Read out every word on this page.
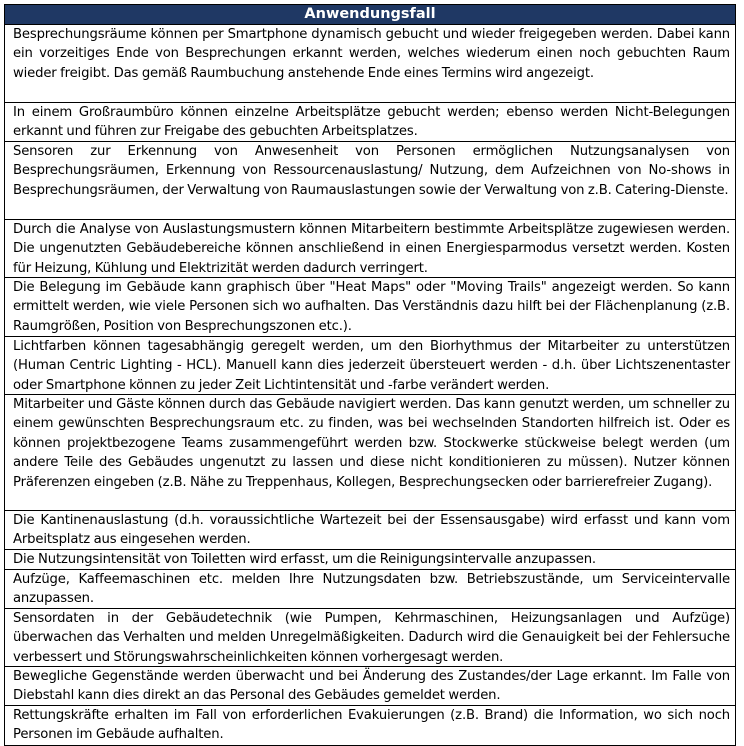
Anwendungsfall
Besprechungsräume können per Smartphone dynamisch gebucht und wieder freigegeben werden. Dabei kann ein vorzeitiges Ende von Besprechungen erkannt werden, welches wiederum einen noch gebuchten Raum wieder freigibt. Das gemäß Raumbuchung anstehende Ende eines Termins wird angezeigt.
In einem Großraumbüro können einzelne Arbeitsplätze gebucht werden; ebenso werden Nicht-Belegungen erkannt und führen zur Freigabe des gebuchten Arbeitsplatzes.
Sensoren zur Erkennung von Anwesenheit von Personen ermöglichen Nutzungsanalysen von Besprechungsräumen, Erkennung von Ressourcenauslastung/ Nutzung, dem Aufzeichnen von No-shows in Besprechungsräumen, der Verwaltung von Raumauslastungen sowie der Verwaltung von z.B. Catering-Dienste.
Durch die Analyse von Auslastungsmustern können Mitarbeitern bestimmte Arbeitsplätze zugewiesen werden. Die ungenutzten Gebäudebereiche können anschließend in einen Energiesparmodus versetzt werden. Kosten für Heizung, Kühlung und Elektrizität werden dadurch verringert.
Die Belegung im Gebäude kann graphisch über "Heat Maps" oder "Moving Trails" angezeigt werden. So kann ermittelt werden, wie viele Personen sich wo aufhalten. Das Verständnis dazu hilft bei der Flächenplanung (z.B. Raumgrößen, Position von Besprechungszonen etc.).
Lichtfarben können tagesabhängig geregelt werden, um den Biorhythmus der Mitarbeiter zu unterstützen (Human Centric Lighting - HCL). Manuell kann dies jederzeit übersteuert werden - d.h. über Lichtszenentaster oder Smartphone können zu jeder Zeit Lichtintensität und -farbe verändert werden.
Mitarbeiter und Gäste können durch das Gebäude navigiert werden. Das kann genutzt werden, um schneller zu einem gewünschten Besprechungsraum etc. zu finden, was bei wechselnden Standorten hilfreich ist. Oder es können projektbezogene Teams zusammengeführt werden bzw. Stockwerke stückweise belegt werden (um andere Teile des Gebäudes ungenutzt zu lassen und diese nicht konditionieren zu müssen). Nutzer können Präferenzen eingeben (z.B. Nähe zu Treppenhaus, Kollegen, Besprechungsecken oder barrierefreier Zugang).
Die Kantinenauslastung (d.h. voraussichtliche Wartezeit bei der Essensausgabe) wird erfasst und kann vom Arbeitsplatz aus eingesehen werden.
Die Nutzungsintensität von Toiletten wird erfasst, um die Reinigungsintervalle anzupassen.
Aufzüge, Kaffeemaschinen etc. melden Ihre Nutzungsdaten bzw. Betriebszustände, um Serviceintervalle anzupassen.
Sensordaten in der Gebäudetechnik (wie Pumpen, Kehrmaschinen, Heizungsanlagen und Aufzüge) überwachen das Verhalten und melden Unregelmäßigkeiten. Dadurch wird die Genauigkeit bei der Fehlersuche verbessert und Störungswahrscheinlichkeiten können vorhergesagt werden.
Bewegliche Gegenstände werden überwacht und bei Änderung des Zustandes/der Lage erkannt. Im Falle von Diebstahl kann dies direkt an das Personal des Gebäudes gemeldet werden.
Rettungskräfte erhalten im Fall von erforderlichen Evakuierungen (z.B. Brand) die Information, wo sich noch Personen im Gebäude aufhalten.
